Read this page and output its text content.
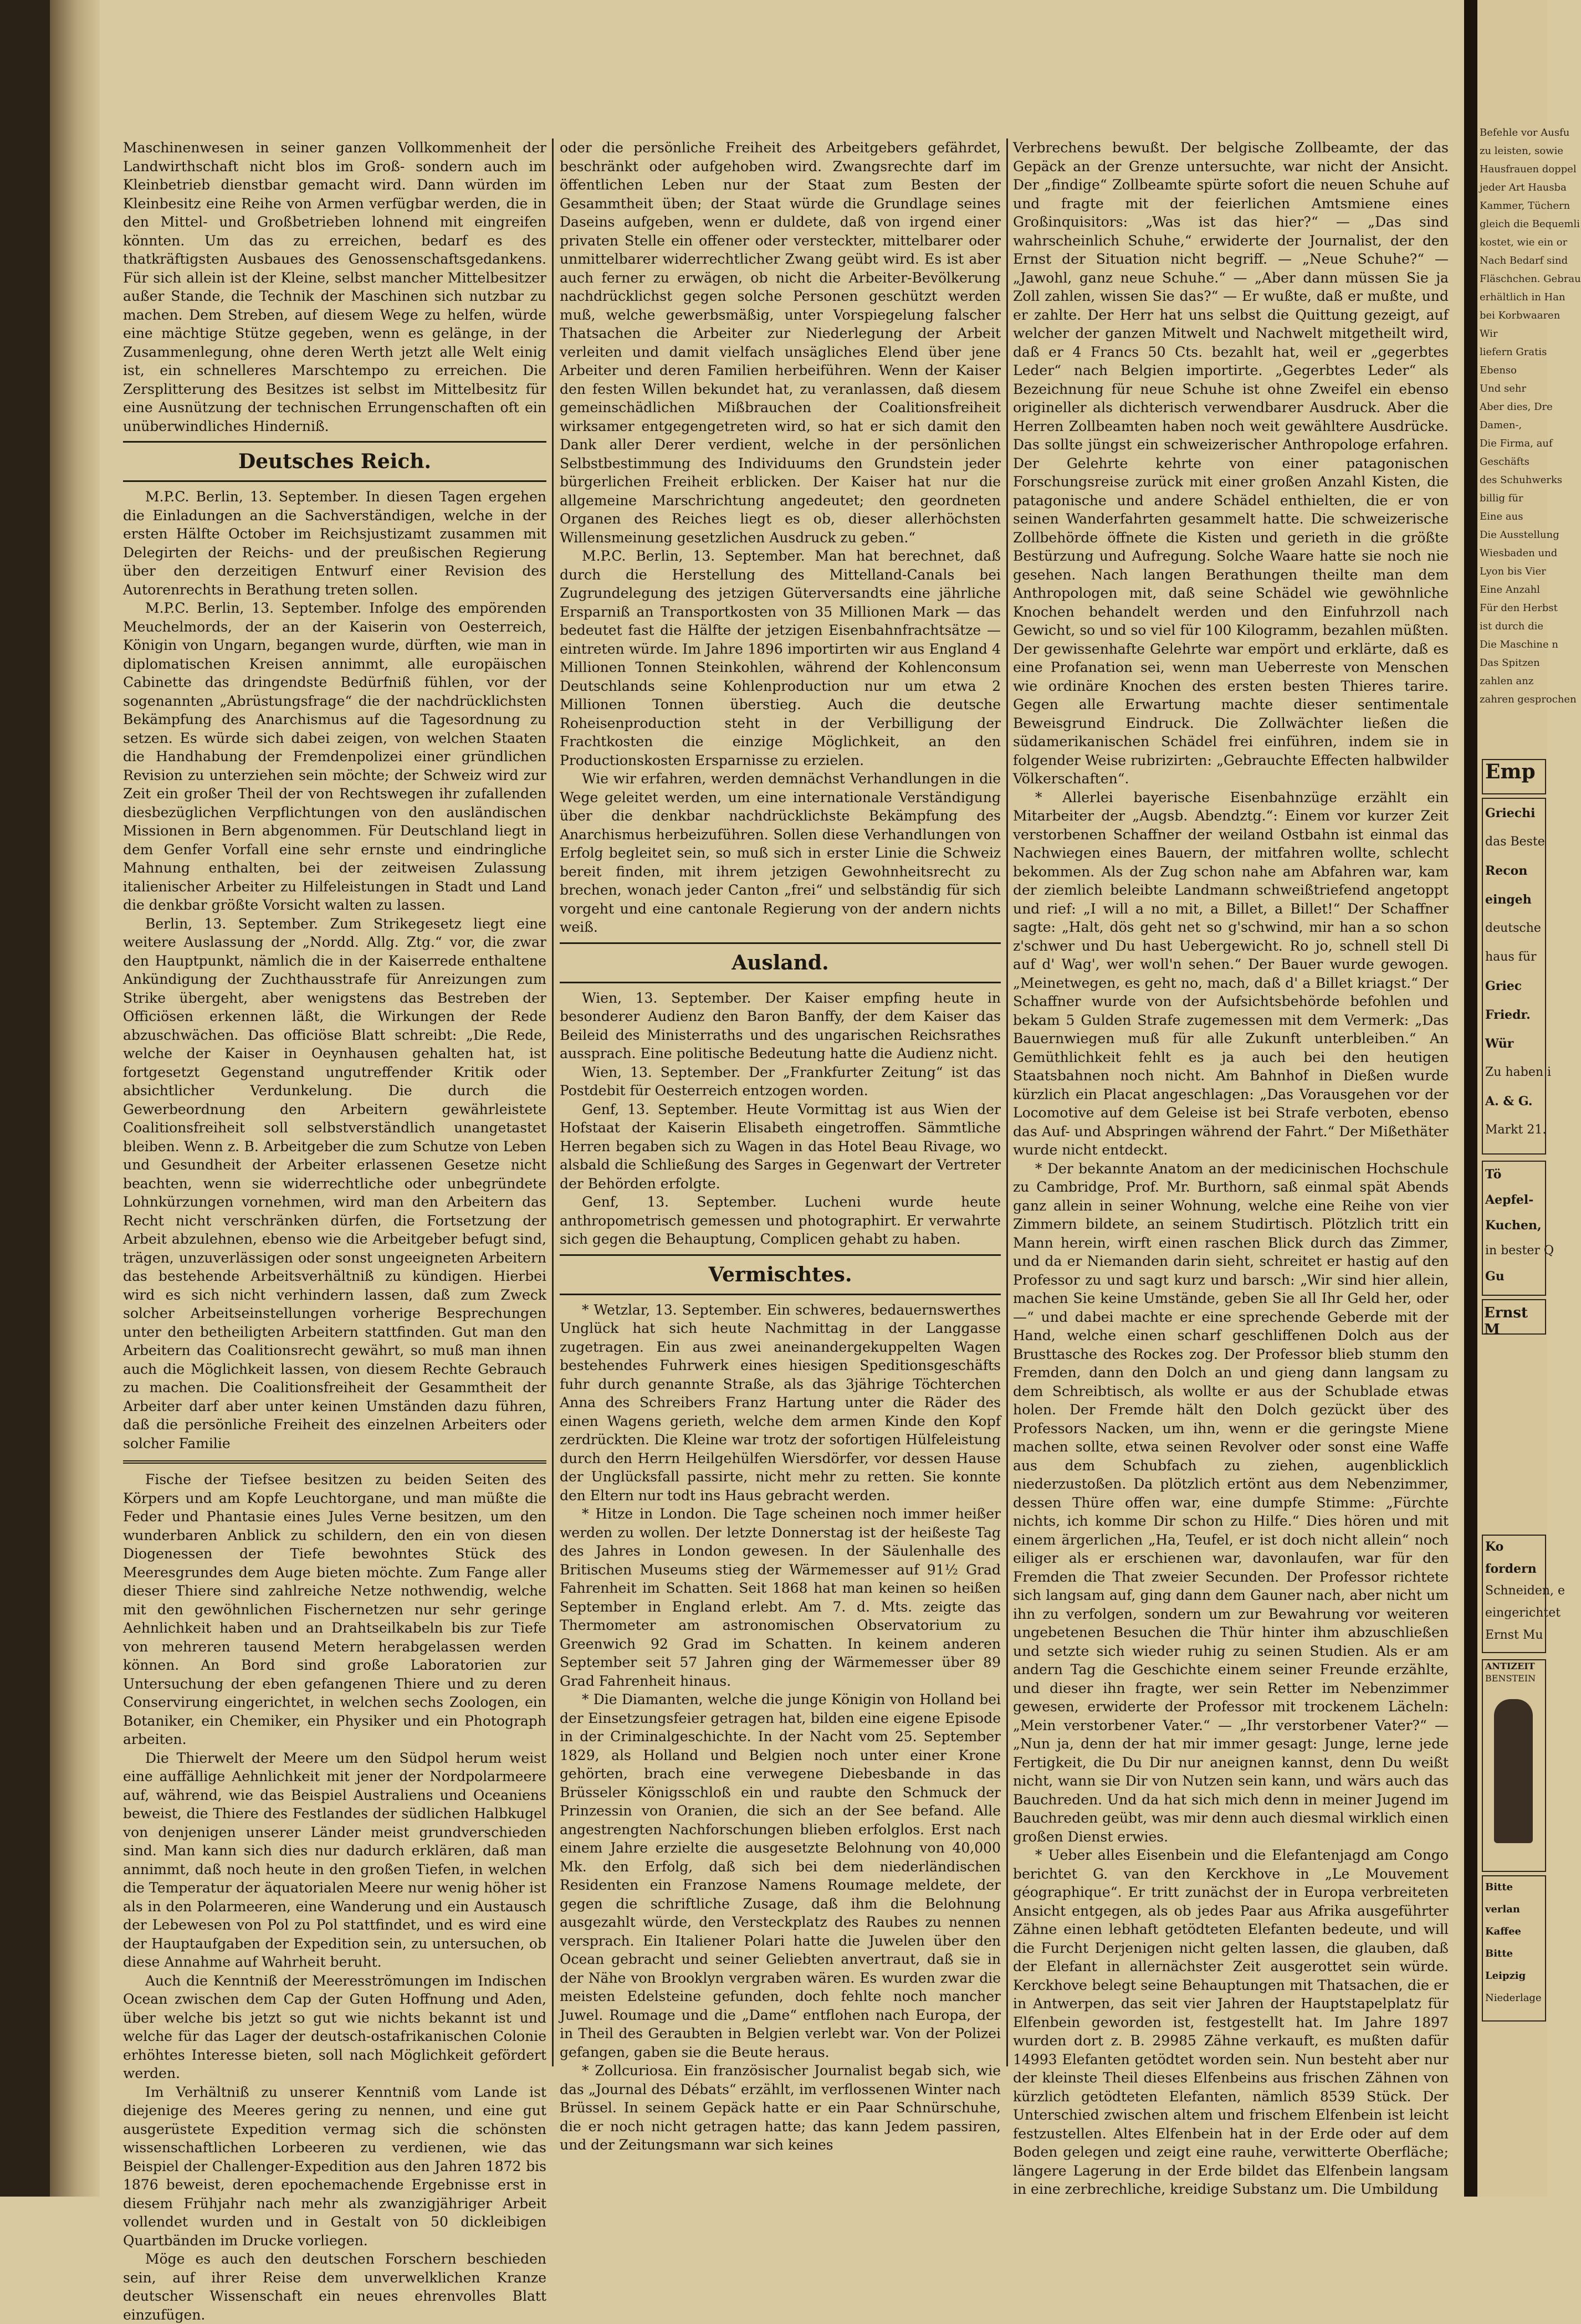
Maschinenwesen in seiner ganzen Vollkommenheit der Landwirthschaft nicht blos im Groß- sondern auch im Kleinbetrieb dienstbar gemacht wird. Dann würden im Kleinbesitz eine Reihe von Armen verfügbar werden, die in den Mittel- und Großbetrieben lohnend mit eingreifen könnten. Um das zu erreichen, bedarf es des thatkräftigsten Ausbaues des Genossenschaftsgedankens. Für sich allein ist der Kleine, selbst mancher Mittelbesitzer außer Stande, die Technik der Maschinen sich nutzbar zu machen. Dem Streben, auf diesem Wege zu helfen, würde eine mächtige Stütze gegeben, wenn es gelänge, in der Zusammenlegung, ohne deren Werth jetzt alle Welt einig ist, ein schnelleres Marschtempo zu erreichen. Die Zersplitterung des Besitzes ist selbst im Mittelbesitz für eine Ausnützung der technischen Errungenschaften oft ein unüberwindliches Hinderniß.

Deutsches Reich.

M.P.C. Berlin, 13. September. In diesen Tagen ergehen die Einladungen an die Sachverständigen, welche in der ersten Hälfte October im Reichsjustizamt zusammen mit Delegirten der Reichs- und der preußischen Regierung über den derzeitigen Entwurf einer Revision des Autorenrechts in Berathung treten sollen.

M.P.C. Berlin, 13. September. Infolge des empörenden Meuchelmords, der an der Kaiserin von Oesterreich, Königin von Ungarn, begangen wurde, dürften, wie man in diplomatischen Kreisen annimmt, alle europäischen Cabinette das dringendste Bedürfniß fühlen, vor der sogenannten „Abrüstungsfrage“ die der nachdrücklichsten Bekämpfung des Anarchismus auf die Tagesordnung zu setzen. Es würde sich dabei zeigen, von welchen Staaten die Handhabung der Fremdenpolizei einer gründlichen Revision zu unterziehen sein möchte; der Schweiz wird zur Zeit ein großer Theil der von Rechtswegen ihr zufallenden diesbezüglichen Verpflichtungen von den ausländischen Missionen in Bern abgenommen. Für Deutschland liegt in dem Genfer Vorfall eine sehr ernste und eindringliche Mahnung enthalten, bei der zeitweisen Zulassung italienischer Arbeiter zu Hilfeleistungen in Stadt und Land die denkbar größte Vorsicht walten zu lassen.

Berlin, 13. September. Zum Strikegesetz liegt eine weitere Auslassung der „Nordd. Allg. Ztg.“ vor, die zwar den Hauptpunkt, nämlich die in der Kaiserrede enthaltene Ankündigung der Zuchthausstrafe für Anreizungen zum Strike übergeht, aber wenigstens das Bestreben der Officiösen erkennen läßt, die Wirkungen der Rede abzuschwächen. Das officiöse Blatt schreibt: „Die Rede, welche der Kaiser in Oeynhausen gehalten hat, ist fortgesetzt Gegenstand ungutreffender Kritik oder absichtlicher Verdunkelung. Die durch die Gewerbeordnung den Arbeitern gewährleistete Coalitionsfreiheit soll selbstverständlich unangetastet bleiben. Wenn z. B. Arbeitgeber die zum Schutze von Leben und Gesundheit der Arbeiter erlassenen Gesetze nicht beachten, wenn sie widerrechtliche oder unbegründete Lohnkürzungen vornehmen, wird man den Arbeitern das Recht nicht verschränken dürfen, die Fortsetzung der Arbeit abzulehnen, ebenso wie die Arbeitgeber befugt sind, trägen, unzuverlässigen oder sonst ungeeigneten Arbeitern das bestehende Arbeitsverhältniß zu kündigen. Hierbei wird es sich nicht verhindern lassen, daß zum Zweck solcher Arbeitseinstellungen vorherige Besprechungen unter den betheiligten Arbeitern stattfinden. Gut man den Arbeitern das Coalitionsrecht gewährt, so muß man ihnen auch die Möglichkeit lassen, von diesem Rechte Gebrauch zu machen. Die Coalitionsfreiheit der Gesammtheit der Arbeiter darf aber unter keinen Umständen dazu führen, daß die persönliche Freiheit des einzelnen Arbeiters oder solcher Familie

Fische der Tiefsee besitzen zu beiden Seiten des Körpers und am Kopfe Leuchtorgane, und man müßte die Feder und Phantasie eines Jules Verne besitzen, um den wunderbaren Anblick zu schildern, den ein von diesen Diogenessen der Tiefe bewohntes Stück des Meeresgrundes dem Auge bieten möchte. Zum Fange aller dieser Thiere sind zahlreiche Netze nothwendig, welche mit den gewöhnlichen Fischernetzen nur sehr geringe Aehnlichkeit haben und an Drahtseilkabeln bis zur Tiefe von mehreren tausend Metern herabgelassen werden können. An Bord sind große Laboratorien zur Untersuchung der eben gefangenen Thiere und zu deren Conservirung eingerichtet, in welchen sechs Zoologen, ein Botaniker, ein Chemiker, ein Physiker und ein Photograph arbeiten.

Die Thierwelt der Meere um den Südpol herum weist eine auffällige Aehnlichkeit mit jener der Nordpolarmeere auf, während, wie das Beispiel Australiens und Oceaniens beweist, die Thiere des Festlandes der südlichen Halbkugel von denjenigen unserer Länder meist grundverschieden sind. Man kann sich dies nur dadurch erklären, daß man annimmt, daß noch heute in den großen Tiefen, in welchen die Temperatur der äquatorialen Meere nur wenig höher ist als in den Polarmeeren, eine Wanderung und ein Austausch der Lebewesen von Pol zu Pol stattfindet, und es wird eine der Hauptaufgaben der Expedition sein, zu untersuchen, ob diese Annahme auf Wahrheit beruht.

Auch die Kenntniß der Meeresströmungen im Indischen Ocean zwischen dem Cap der Guten Hoffnung und Aden, über welche bis jetzt so gut wie nichts bekannt ist und welche für das Lager der deutsch-ostafrikanischen Colonie erhöhtes Interesse bieten, soll nach Möglichkeit gefördert werden.

Im Verhältniß zu unserer Kenntniß vom Lande ist diejenige des Meeres gering zu nennen, und eine gut ausgerüstete Expedition vermag sich die schönsten wissenschaftlichen Lorbeeren zu verdienen, wie das Beispiel der Challenger-Expedition aus den Jahren 1872 bis 1876 beweist, deren epochemachende Ergebnisse erst in diesem Frühjahr nach mehr als zwanzigjähriger Arbeit vollendet wurden und in Gestalt von 50 dickleibigen Quartbänden im Drucke vorliegen.

Möge es auch den deutschen Forschern beschieden sein, auf ihrer Reise dem unverwelklichen Kranze deutscher Wissenschaft ein neues ehrenvolles Blatt einzufügen.

oder die persönliche Freiheit des Arbeitgebers gefährdet, beschränkt oder aufgehoben wird. Zwangsrechte darf im öffentlichen Leben nur der Staat zum Besten der Gesammtheit üben; der Staat würde die Grundlage seines Daseins aufgeben, wenn er duldete, daß von irgend einer privaten Stelle ein offener oder versteckter, mittelbarer oder unmittelbarer widerrechtlicher Zwang geübt wird. Es ist aber auch ferner zu erwägen, ob nicht die Arbeiter-Bevölkerung nachdrücklichst gegen solche Personen geschützt werden muß, welche gewerbsmäßig, unter Vorspiegelung falscher Thatsachen die Arbeiter zur Niederlegung der Arbeit verleiten und damit vielfach unsägliches Elend über jene Arbeiter und deren Familien herbeiführen. Wenn der Kaiser den festen Willen bekundet hat, zu veranlassen, daß diesem gemeinschädlichen Mißbrauchen der Coalitionsfreiheit wirksamer entgegengetreten wird, so hat er sich damit den Dank aller Derer verdient, welche in der persönlichen Selbstbestimmung des Individuums den Grundstein jeder bürgerlichen Freiheit erblicken. Der Kaiser hat nur die allgemeine Marschrichtung angedeutet; den geordneten Organen des Reiches liegt es ob, dieser allerhöchsten Willensmeinung gesetzlichen Ausdruck zu geben.“

M.P.C. Berlin, 13. September. Man hat berechnet, daß durch die Herstellung des Mittelland-Canals bei Zugrundelegung des jetzigen Güterversandts eine jährliche Ersparniß an Transportkosten von 35 Millionen Mark — das bedeutet fast die Hälfte der jetzigen Eisenbahnfrachtsätze — eintreten würde. Im Jahre 1896 importirten wir aus England 4 Millionen Tonnen Steinkohlen, während der Kohlenconsum Deutschlands seine Kohlenproduction nur um etwa 2 Millionen Tonnen überstieg. Auch die deutsche Roheisenproduction steht in der Verbilligung der Frachtkosten die einzige Möglichkeit, an den Productionskosten Ersparnisse zu erzielen.

Wie wir erfahren, werden demnächst Verhandlungen in die Wege geleitet werden, um eine internationale Verständigung über die denkbar nachdrücklichste Bekämpfung des Anarchismus herbeizuführen. Sollen diese Verhandlungen von Erfolg begleitet sein, so muß sich in erster Linie die Schweiz bereit finden, mit ihrem jetzigen Gewohnheitsrecht zu brechen, wonach jeder Canton „frei“ und selbständig für sich vorgeht und eine cantonale Regierung von der andern nichts weiß.

Ausland.

Wien, 13. September. Der Kaiser empfing heute in besonderer Audienz den Baron Banffy, der dem Kaiser das Beileid des Ministerraths und des ungarischen Reichsrathes aussprach. Eine politische Bedeutung hatte die Audienz nicht.

Wien, 13. September. Der „Frankfurter Zeitung“ ist das Postdebit für Oesterreich entzogen worden.

Genf, 13. September. Heute Vormittag ist aus Wien der Hofstaat der Kaiserin Elisabeth eingetroffen. Sämmtliche Herren begaben sich zu Wagen in das Hotel Beau Rivage, wo alsbald die Schließung des Sarges in Gegenwart der Vertreter der Behörden erfolgte.

Genf, 13. September. Lucheni wurde heute anthropometrisch gemessen und photographirt. Er verwahrte sich gegen die Behauptung, Complicen gehabt zu haben.

Vermischtes.

* Wetzlar, 13. September. Ein schweres, bedauernswerthes Unglück hat sich heute Nachmittag in der Langgasse zugetragen. Ein aus zwei aneinandergekuppelten Wagen bestehendes Fuhrwerk eines hiesigen Speditionsgeschäfts fuhr durch genannte Straße, als das 3jährige Töchterchen Anna des Schreibers Franz Hartung unter die Räder des einen Wagens gerieth, welche dem armen Kinde den Kopf zerdrückten. Die Kleine war trotz der sofortigen Hülfeleistung durch den Herrn Heilgehülfen Wiersdörfer, vor dessen Hause der Unglücksfall passirte, nicht mehr zu retten. Sie konnte den Eltern nur todt ins Haus gebracht werden.

* Hitze in London. Die Tage scheinen noch immer heißer werden zu wollen. Der letzte Donnerstag ist der heißeste Tag des Jahres in London gewesen. In der Säulenhalle des Britischen Museums stieg der Wärmemesser auf 91½ Grad Fahrenheit im Schatten. Seit 1868 hat man keinen so heißen September in England erlebt. Am 7. d. Mts. zeigte das Thermometer am astronomischen Observatorium zu Greenwich 92 Grad im Schatten. In keinem anderen September seit 57 Jahren ging der Wärmemesser über 89 Grad Fahrenheit hinaus.

* Die Diamanten, welche die junge Königin von Holland bei der Einsetzungsfeier getragen hat, bilden eine eigene Episode in der Criminalgeschichte. In der Nacht vom 25. September 1829, als Holland und Belgien noch unter einer Krone gehörten, brach eine verwegene Diebesbande in das Brüsseler Königsschloß ein und raubte den Schmuck der Prinzessin von Oranien, die sich an der See befand. Alle angestrengten Nachforschungen blieben erfolglos. Erst nach einem Jahre erzielte die ausgesetzte Belohnung von 40,000 Mk. den Erfolg, daß sich bei dem niederländischen Residenten ein Franzose Namens Roumage meldete, der gegen die schriftliche Zusage, daß ihm die Belohnung ausgezahlt würde, den Versteckplatz des Raubes zu nennen versprach. Ein Italiener Polari hatte die Juwelen über den Ocean gebracht und seiner Geliebten anvertraut, daß sie in der Nähe von Brooklyn vergraben wären. Es wurden zwar die meisten Edelsteine gefunden, doch fehlte noch mancher Juwel. Roumage und die „Dame“ entflohen nach Europa, der in Theil des Geraubten in Belgien verlebt war. Von der Polizei gefangen, gaben sie die Beute heraus.

* Zollcuriosa. Ein französischer Journalist begab sich, wie das „Journal des Débats“ erzählt, im verflossenen Winter nach Brüssel. In seinem Gepäck hatte er ein Paar Schnürschuhe, die er noch nicht getragen hatte; das kann Jedem passiren, und der Zeitungsmann war sich keines

Verbrechens bewußt. Der belgische Zollbeamte, der das Gepäck an der Grenze untersuchte, war nicht der Ansicht. Der „findige“ Zollbeamte spürte sofort die neuen Schuhe auf und fragte mit der feierlichen Amtsmiene eines Großinquisitors: „Was ist das hier?“ — „Das sind wahrscheinlich Schuhe,“ erwiderte der Journalist, der den Ernst der Situation nicht begriff. — „Neue Schuhe?“ — „Jawohl, ganz neue Schuhe.“ — „Aber dann müssen Sie ja Zoll zahlen, wissen Sie das?“ — Er wußte, daß er mußte, und er zahlte. Der Herr hat uns selbst die Quittung gezeigt, auf welcher der ganzen Mitwelt und Nachwelt mitgetheilt wird, daß er 4 Francs 50 Cts. bezahlt hat, weil er „gegerbtes Leder“ nach Belgien importirte. „Gegerbtes Leder“ als Bezeichnung für neue Schuhe ist ohne Zweifel ein ebenso origineller als dichterisch verwendbarer Ausdruck. Aber die Herren Zollbeamten haben noch weit gewähltere Ausdrücke. Das sollte jüngst ein schweizerischer Anthropologe erfahren. Der Gelehrte kehrte von einer patagonischen Forschungsreise zurück mit einer großen Anzahl Kisten, die patagonische und andere Schädel enthielten, die er von seinen Wanderfahrten gesammelt hatte. Die schweizerische Zollbehörde öffnete die Kisten und gerieth in die größte Bestürzung und Aufregung. Solche Waare hatte sie noch nie gesehen. Nach langen Berathungen theilte man dem Anthropologen mit, daß seine Schädel wie gewöhnliche Knochen behandelt werden und den Einfuhrzoll nach Gewicht, so und so viel für 100 Kilogramm, bezahlen müßten. Der gewissenhafte Gelehrte war empört und erklärte, daß es eine Profanation sei, wenn man Ueberreste von Menschen wie ordinäre Knochen des ersten besten Thieres tarire. Gegen alle Erwartung machte dieser sentimentale Beweisgrund Eindruck. Die Zollwächter ließen die südamerikanischen Schädel frei einführen, indem sie in folgender Weise rubrizirten: „Gebrauchte Effecten halbwilder Völkerschaften“.

* Allerlei bayerische Eisenbahnzüge erzählt ein Mitarbeiter der „Augsb. Abendztg.“: Einem vor kurzer Zeit verstorbenen Schaffner der weiland Ostbahn ist einmal das Nachwiegen eines Bauern, der mitfahren wollte, schlecht bekommen. Als der Zug schon nahe am Abfahren war, kam der ziemlich beleibte Landmann schweißtriefend angetoppt und rief: „I will a no mit, a Billet, a Billet!“ Der Schaffner sagte: „Halt, dös geht net so g'schwind, mir han a so schon z'schwer und Du hast Uebergewicht. Ro jo, schnell stell Di auf d' Wag', wer woll'n sehen.“ Der Bauer wurde gewogen. „Meinetwegen, es geht no, mach, daß d' a Billet kriagst.“ Der Schaffner wurde von der Aufsichtsbehörde befohlen und bekam 5 Gulden Strafe zugemessen mit dem Vermerk: „Das Bauernwiegen muß für alle Zukunft unterbleiben.“ An Gemüthlichkeit fehlt es ja auch bei den heutigen Staatsbahnen noch nicht. Am Bahnhof in Dießen wurde kürzlich ein Placat angeschlagen: „Das Vorausgehen vor der Locomotive auf dem Geleise ist bei Strafe verboten, ebenso das Auf- und Abspringen während der Fahrt.“ Der Mißethäter wurde nicht entdeckt.

* Der bekannte Anatom an der medicinischen Hochschule zu Cambridge, Prof. Mr. Burthorn, saß einmal spät Abends ganz allein in seiner Wohnung, welche eine Reihe von vier Zimmern bildete, an seinem Studirtisch. Plötzlich tritt ein Mann herein, wirft einen raschen Blick durch das Zimmer, und da er Niemanden darin sieht, schreitet er hastig auf den Professor zu und sagt kurz und barsch: „Wir sind hier allein, machen Sie keine Umstände, geben Sie all Ihr Geld her, oder —“ und dabei machte er eine sprechende Geberde mit der Hand, welche einen scharf geschliffenen Dolch aus der Brusttasche des Rockes zog. Der Professor blieb stumm den Fremden, dann den Dolch an und gieng dann langsam zu dem Schreibtisch, als wollte er aus der Schublade etwas holen. Der Fremde hält den Dolch gezückt über des Professors Nacken, um ihn, wenn er die geringste Miene machen sollte, etwa seinen Revolver oder sonst eine Waffe aus dem Schubfach zu ziehen, augenblicklich niederzustoßen. Da plötzlich ertönt aus dem Nebenzimmer, dessen Thüre offen war, eine dumpfe Stimme: „Fürchte nichts, ich komme Dir schon zu Hilfe.“ Dies hören und mit einem ärgerlichen „Ha, Teufel, er ist doch nicht allein“ noch eiliger als er erschienen war, davonlaufen, war für den Fremden die That zweier Secunden. Der Professor richtete sich langsam auf, ging dann dem Gauner nach, aber nicht um ihn zu verfolgen, sondern um zur Bewahrung vor weiteren ungebetenen Besuchen die Thür hinter ihm abzuschließen und setzte sich wieder ruhig zu seinen Studien. Als er am andern Tag die Geschichte einem seiner Freunde erzählte, und dieser ihn fragte, wer sein Retter im Nebenzimmer gewesen, erwiderte der Professor mit trockenem Lächeln: „Mein verstorbener Vater.“ — „Ihr verstorbener Vater?“ — „Nun ja, denn der hat mir immer gesagt: Junge, lerne jede Fertigkeit, die Du Dir nur aneignen kannst, denn Du weißt nicht, wann sie Dir von Nutzen sein kann, und wärs auch das Bauchreden. Und da hat sich mich denn in meiner Jugend im Bauchreden geübt, was mir denn auch diesmal wirklich einen großen Dienst erwies.

* Ueber alles Eisenbein und die Elefantenjagd am Congo berichtet G. van den Kerckhove in „Le Mouvement géographique“. Er tritt zunächst der in Europa verbreiteten Ansicht entgegen, als ob jedes Paar aus Afrika ausgeführter Zähne einen lebhaft getödteten Elefanten bedeute, und will die Furcht Derjenigen nicht gelten lassen, die glauben, daß der Elefant in allernächster Zeit ausgerottet sein würde. Kerckhove belegt seine Behauptungen mit Thatsachen, die er in Antwerpen, das seit vier Jahren der Hauptstapelplatz für Elfenbein geworden ist, festgestellt hat. Im Jahre 1897 wurden dort z. B. 29985 Zähne verkauft, es mußten dafür 14993 Elefanten getödtet worden sein. Nun besteht aber nur der kleinste Theil dieses Elfenbeins aus frischen Zähnen von kürzlich getödteten Elefanten, nämlich 8539 Stück. Der Unterschied zwischen altem und frischem Elfenbein ist leicht festzustellen. Altes Elfenbein hat in der Erde oder auf dem Boden gelegen und zeigt eine rauhe, verwitterte Oberfläche; längere Lagerung in der Erde bildet das Elfenbein langsam in eine zerbrechliche, kreidige Substanz um. Die Umbildung

Befehle vor Ausfu
zu leisten, sowie
Hausfrauen doppel
jeder Art Hausba
Kammer, Tüchern
gleich die Bequemli
kostet, wie ein or
Nach Bedarf sind
Fläschchen. Gebrau
erhältlich in Han
bei Korbwaaren
Wir
liefern Gratis
Ebenso
Und sehr
Aber dies, Dre
Damen-,
Die Firma, auf
Geschäfts
des Schuhwerks
billig für
Eine aus
Die Ausstellung
Wiesbaden und
Lyon bis Vier
Eine Anzahl
Für den Herbst
ist durch die
Die Maschine n
Das Spitzen
zahlen anz
zahren gesprochen
Emp
Griechi
das Beste
Recon
eingeh
deutsche
haus für
Griec
Friedr.
Wür
Zu haben i
A. & G.
Markt 21.
Tö
Aepfel-
Kuchen,
in bester Q
Gu
Ernst M
Ko
fordern
Schneiden, e
eingerichtet
Ernst Mu
ANTIZEIT
BENSTEIN
Bitte
verlan
Kaffee
Bitte
Leipzig
Niederlage
